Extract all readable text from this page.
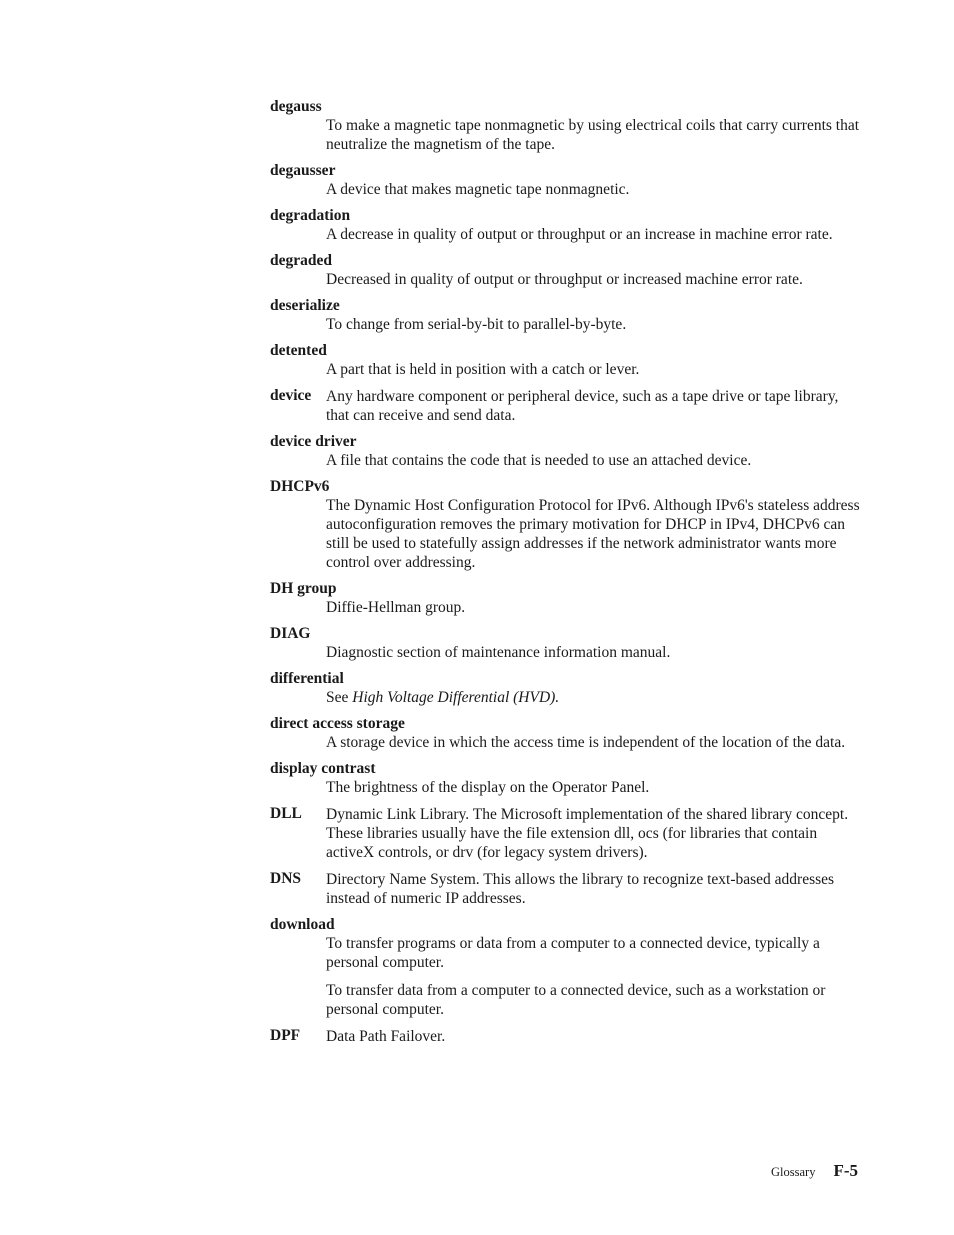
degauss
To make a magnetic tape nonmagnetic by using electrical coils that carry currents that neutralize the magnetism of the tape.
degausser
A device that makes magnetic tape nonmagnetic.
degradation
A decrease in quality of output or throughput or an increase in machine error rate.
degraded
Decreased in quality of output or throughput or increased machine error rate.
deserialize
To change from serial-by-bit to parallel-by-byte.
detented
A part that is held in position with a catch or lever.
device Any hardware component or peripheral device, such as a tape drive or tape library, that can receive and send data.
device driver
A file that contains the code that is needed to use an attached device.
DHCPv6
The Dynamic Host Configuration Protocol for IPv6. Although IPv6's stateless address autoconfiguration removes the primary motivation for DHCP in IPv4, DHCPv6 can still be used to statefully assign addresses if the network administrator wants more control over addressing.
DH group
Diffie-Hellman group.
DIAG
Diagnostic section of maintenance information manual.
differential
See High Voltage Differential (HVD).
direct access storage
A storage device in which the access time is independent of the location of the data.
display contrast
The brightness of the display on the Operator Panel.
DLL Dynamic Link Library. The Microsoft implementation of the shared library concept. These libraries usually have the file extension dll, ocs (for libraries that contain activeX controls, or drv (for legacy system drivers).
DNS Directory Name System. This allows the library to recognize text-based addresses instead of numeric IP addresses.
download
To transfer programs or data from a computer to a connected device, typically a personal computer.
To transfer data from a computer to a connected device, such as a workstation or personal computer.
DPF Data Path Failover.
Glossary F-5
